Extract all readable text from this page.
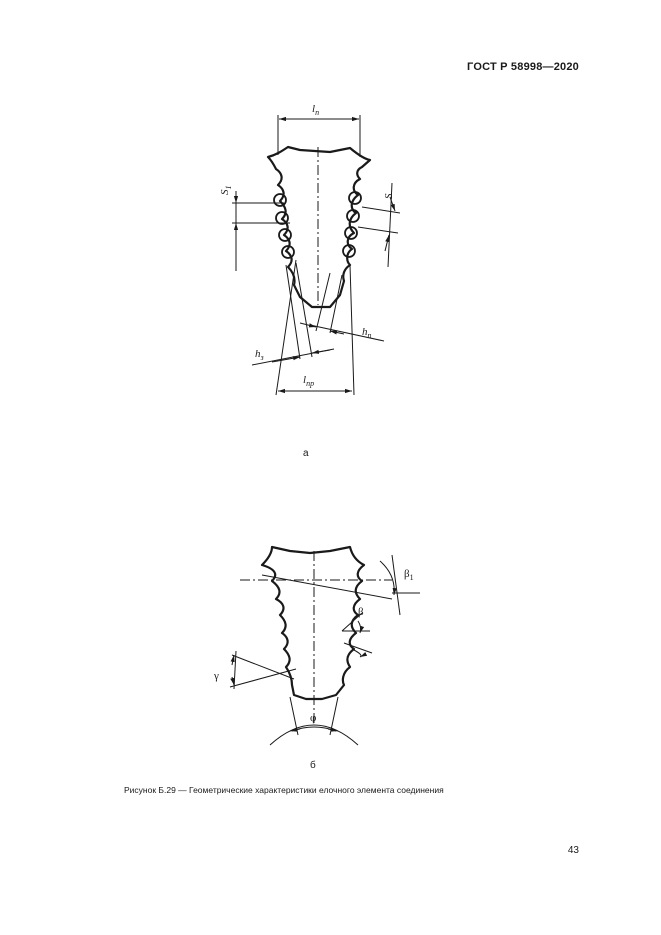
ГОСТ Р 58998—2020
$l_п$
$S_1$
S
$h_п$
$h_з$
$l_{пр}$
а
$\beta_1$
β
γ
φ
б
Рисунок Б.29 — Геометрические характеристики елочного элемента соединения
43
